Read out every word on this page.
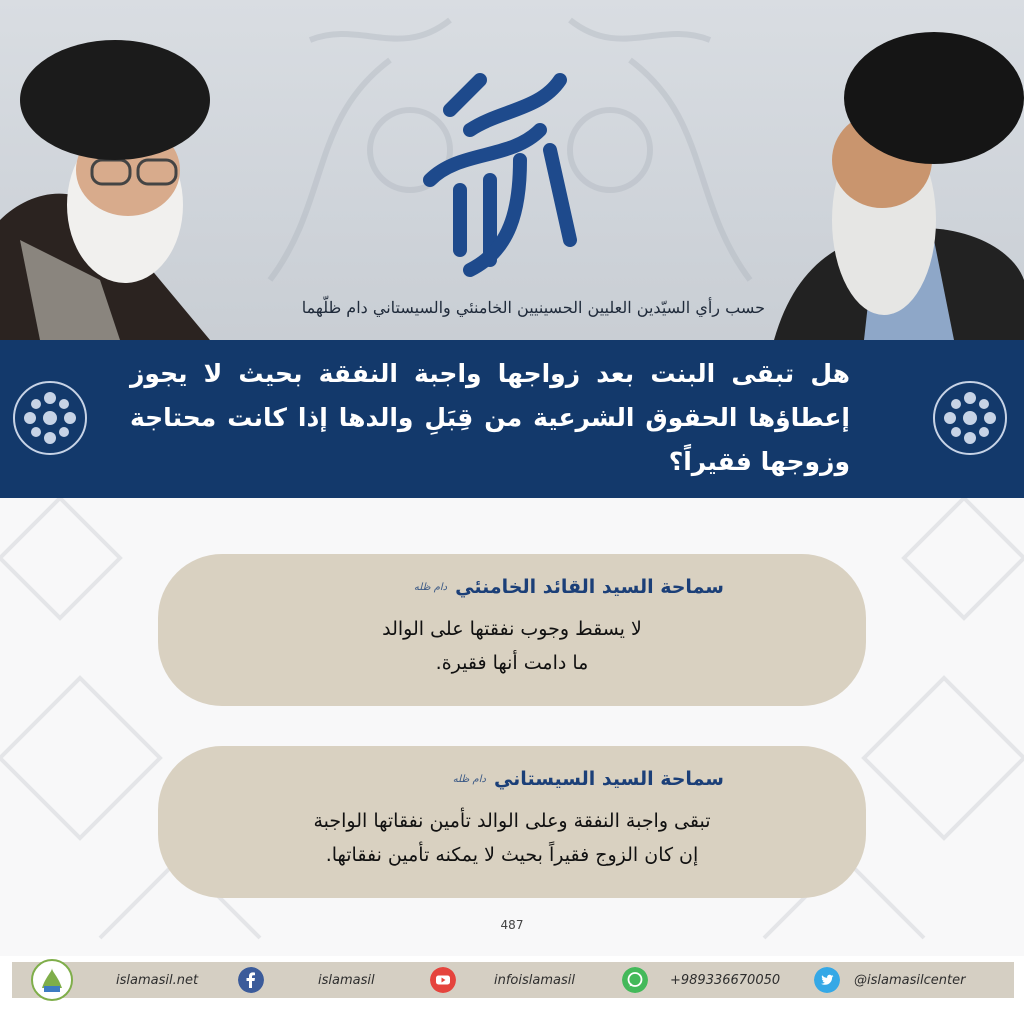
زلال احکام
حسب رأي السيّدين العليين الحسينيين الخامنئي والسيستاني دام ظلّهما
هل تبقى البنت بعد زواجها واجبة النفقة بحيث لا يجوز إعطاؤها الحقوق الشرعية من قِبَلِ والدها إذا كانت محتاجة وزوجها فقيراً؟
سماحة السيد القائد الخامنئي
دام ظله
لا يسقط وجوب نفقتها على الوالد
ما دامت أنها فقيرة.
سماحة السيد السيستاني
دام ظله
تبقى واجبة النفقة وعلى الوالد تأمين نفقاتها الواجبة
إن كان الزوج فقيراً بحيث لا يمكنه تأمين نفقاتها.
487
islamasil.net	islamasil	infoislamasil	+989336670050	@islamasilcenter
